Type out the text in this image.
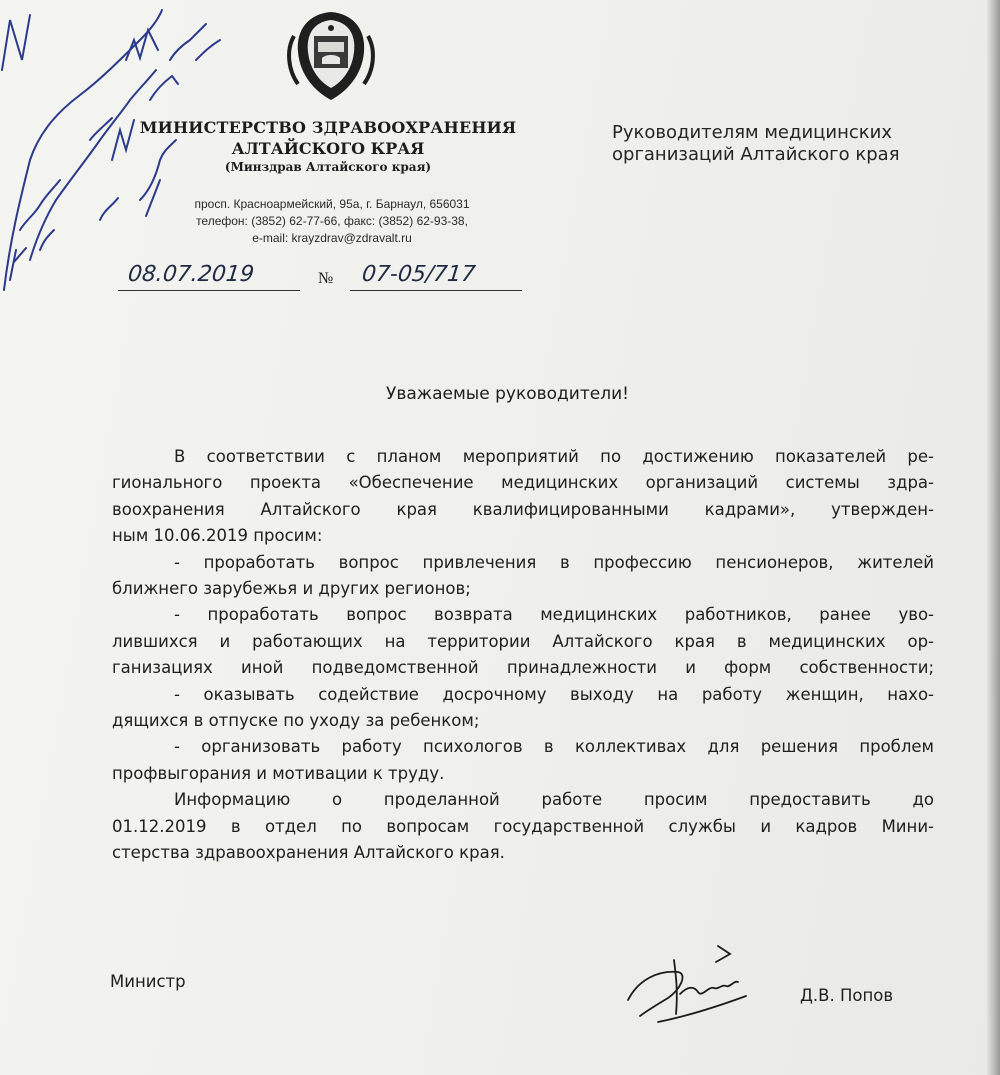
МИНИСТЕРСТВО ЗДРАВООХРАНЕНИЯ
АЛТАЙСКОГО КРАЯ
(Минздрав Алтайского края)
просп. Красноармейский, 95а, г. Барнаул, 656031
телефон: (3852) 62-77-66, факс: (3852) 62-93-38,
e-mail: krayzdrav@zdravalt.ru
08.07.2019	№ 07-05/717
Руководителям медицинских
организаций Алтайского края
Уважаемые руководители!
В соответствии с планом мероприятий по достижению показателей ре-
гионального проекта «Обеспечение медицинских организаций системы здра-
воохранения Алтайского края квалифицированными кадрами», утвержден-
ным 10.06.2019 просим:
- проработать вопрос привлечения в профессию пенсионеров, жителей
ближнего зарубежья и других регионов;
- проработать вопрос возврата медицинских работников, ранее уво-
лившихся и работающих на территории Алтайского края в медицинских ор-
ганизациях иной подведомственной принадлежности и форм собственности;
- оказывать содействие досрочному выходу на работу женщин, нахо-
дящихся в отпуске по уходу за ребенком;
- организовать работу психологов в коллективах для решения проблем
профвыгорания и мотивации к труду.
Информацию о проделанной работе просим предоставить до
01.12.2019 в отдел по вопросам государственной службы и кадров Мини-
стерства здравоохранения Алтайского края.
Министр
Д.В. Попов
